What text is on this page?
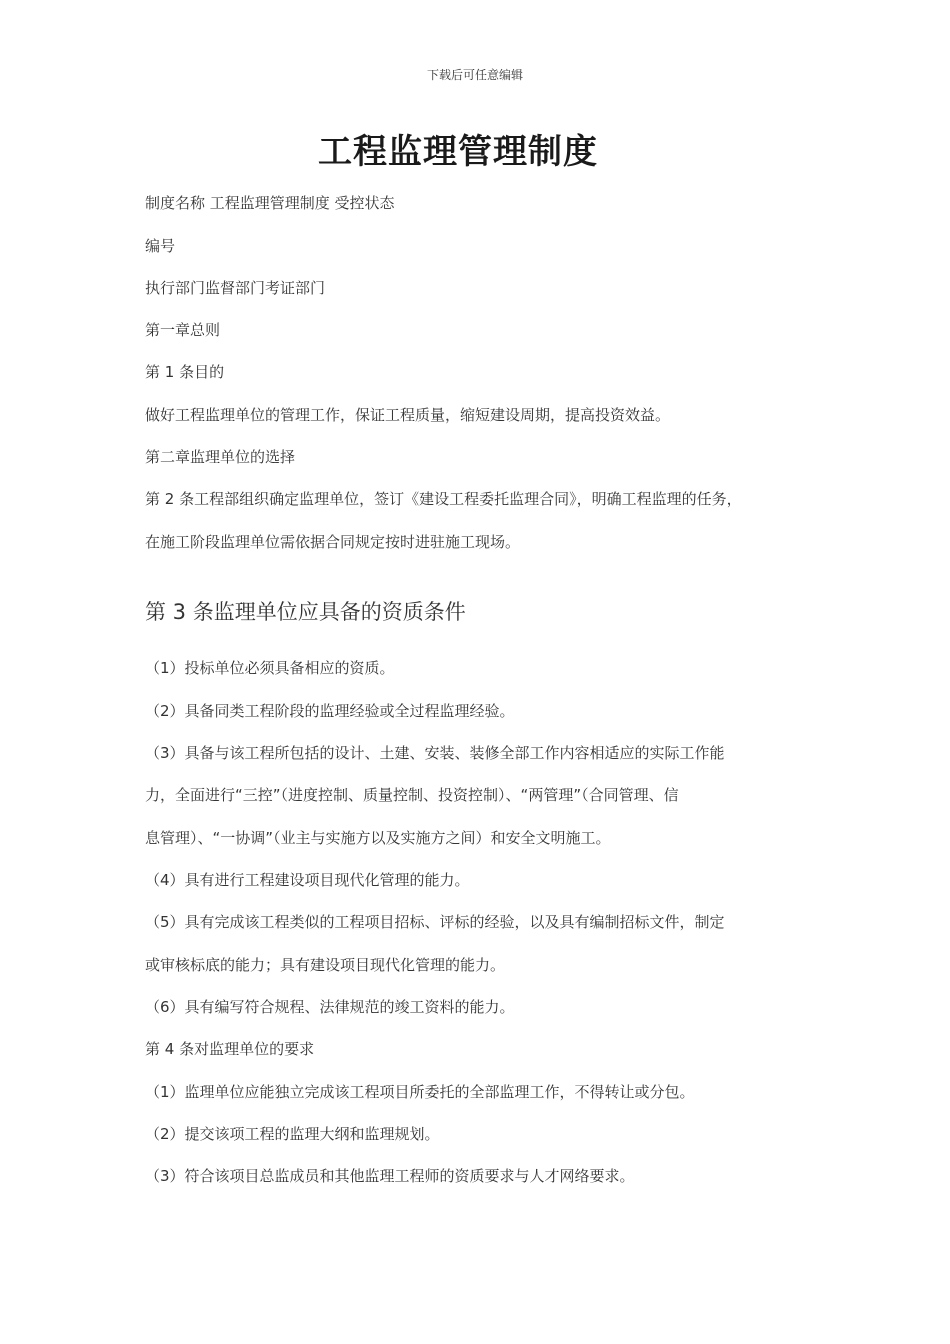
下载后可任意编辑
工程监理管理制度
制度名称 工程监理管理制度 受控状态
编号
执行部门监督部门考证部门
第一章总则
第 1 条目的
做好工程监理单位的管理工作，保证工程质量，缩短建设周期，提高投资效益。
第二章监理单位的选择
第 2 条工程部组织确定监理单位，签订《建设工程委托监理合同》，明确工程监理的任务，
在施工阶段监理单位需依据合同规定按时进驻施工现场。
第 3 条监理单位应具备的资质条件
（1）投标单位必须具备相应的资质。
（2）具备同类工程阶段的监理经验或全过程监理经验。
（3）具备与该工程所包括的设计、土建、安装、装修全部工作内容相适应的实际工作能
力，全面进行“三控”（进度控制、质量控制、投资控制）、“两管理”（合同管理、信
息管理）、“一协调”（业主与实施方以及实施方之间）和安全文明施工。
（4）具有进行工程建设项目现代化管理的能力。
（5）具有完成该工程类似的工程项目招标、评标的经验，以及具有编制招标文件，制定
或审核标底的能力；具有建设项目现代化管理的能力。
（6）具有编写符合规程、法律规范的竣工资料的能力。
第 4 条对监理单位的要求
（1）监理单位应能独立完成该工程项目所委托的全部监理工作，不得转让或分包。
（2）提交该项工程的监理大纲和监理规划。
（3）符合该项目总监成员和其他监理工程师的资质要求与人才网络要求。
